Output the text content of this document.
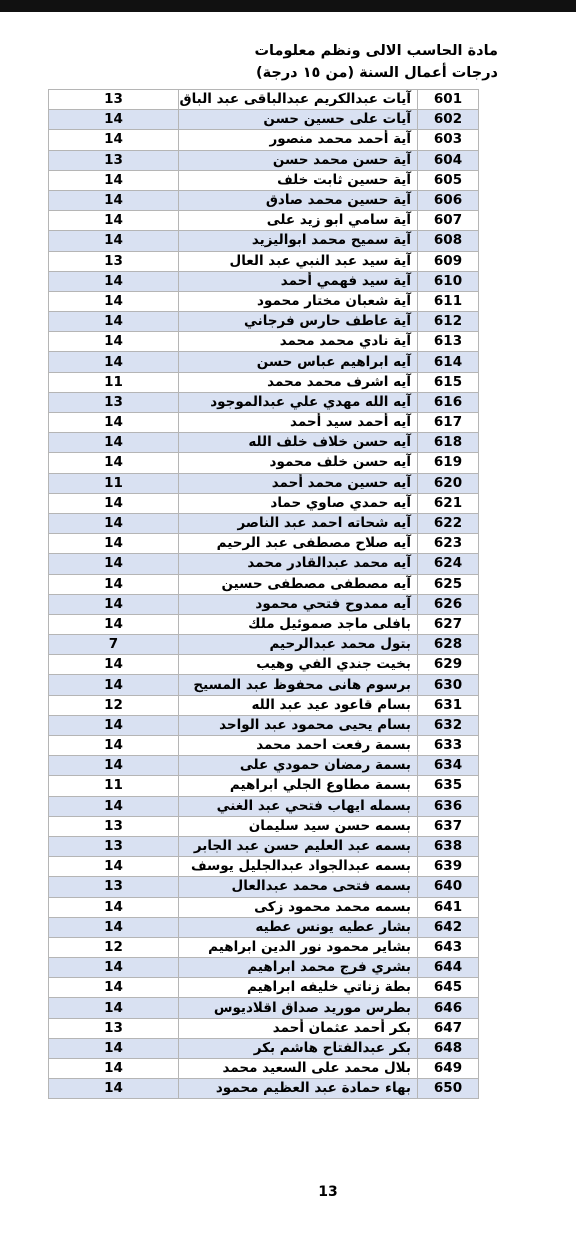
مادة الحاسب الالى ونظم معلومات
درجات أعمال السنة (من ١٥ درجة)
13	آيات عبدالكريم عبدالباقى عبد الباق	601
14	آيات على حسين حسن	602
14	آية أحمد محمد منصور	603
13	آية حسن محمد حسن	604
14	آية حسين ثابت خلف	605
14	آية حسين محمد صادق	606
14	آية سامي ابو زيد على	607
14	آية سميح محمد ابواليزيد	608
13	آية سيد عبد النبي عبد العال	609
14	آية سيد فهمي أحمد	610
14	آية شعبان مختار محمود	611
14	آية عاطف حارس فرجاني	612
14	آية نادي محمد محمد	613
14	آيه ابراهيم عباس حسن	614
11	آيه اشرف محمد محمد	615
13	آيه الله مهدي علي عبدالموجود	616
14	آيه أحمد سيد أحمد	617
14	آيه حسن خلاف خلف الله	618
14	آيه حسن خلف محمود	619
11	آيه حسين محمد أحمد	620
14	آيه حمدي صاوي حماد	621
14	آيه شحاته احمد عبد الناصر	622
14	آيه صلاح مصطفى عبد الرحيم	623
14	آيه محمد عبدالقادر محمد	624
14	آيه مصطفى مصطفى حسين	625
14	آيه ممدوح فتحي محمود	626
14	بافلى ماجد صموئيل ملك	627
7	بتول محمد عبدالرحيم	628
14	بخيت جندي الفي وهيب	629
14	برسوم هانى محفوظ عبد المسيح	630
12	بسام قاعود عيد عبد الله	631
14	بسام يحيى محمود عبد الواحد	632
14	بسمة رفعت احمد محمد	633
14	بسمة رمضان حمودي على	634
11	بسمة مطاوع الجلي ابراهيم	635
14	بسمله ايهاب فتحي عبد الغني	636
13	بسمه حسن سيد سليمان	637
13	بسمه عبد العليم حسن عبد الجابر	638
14	بسمه عبدالجواد عبدالجليل يوسف	639
13	بسمه فتحى محمد عبدالعال	640
14	بسمه محمد محمود زكى	641
14	بشار عطيه يونس عطيه	642
12	بشاير محمود نور الدين ابراهيم	643
14	بشري فرج محمد ابراهيم	644
14	بطة زناتي خليفه ابراهيم	645
14	بطرس موريد صداق اقلاديوس	646
13	بكر أحمد عثمان أحمد	647
14	بكر عبدالفتاح هاشم بكر	648
14	بلال محمد على السعيد محمد	649
14	بهاء حمادة عبد العظيم محمود	650
13
